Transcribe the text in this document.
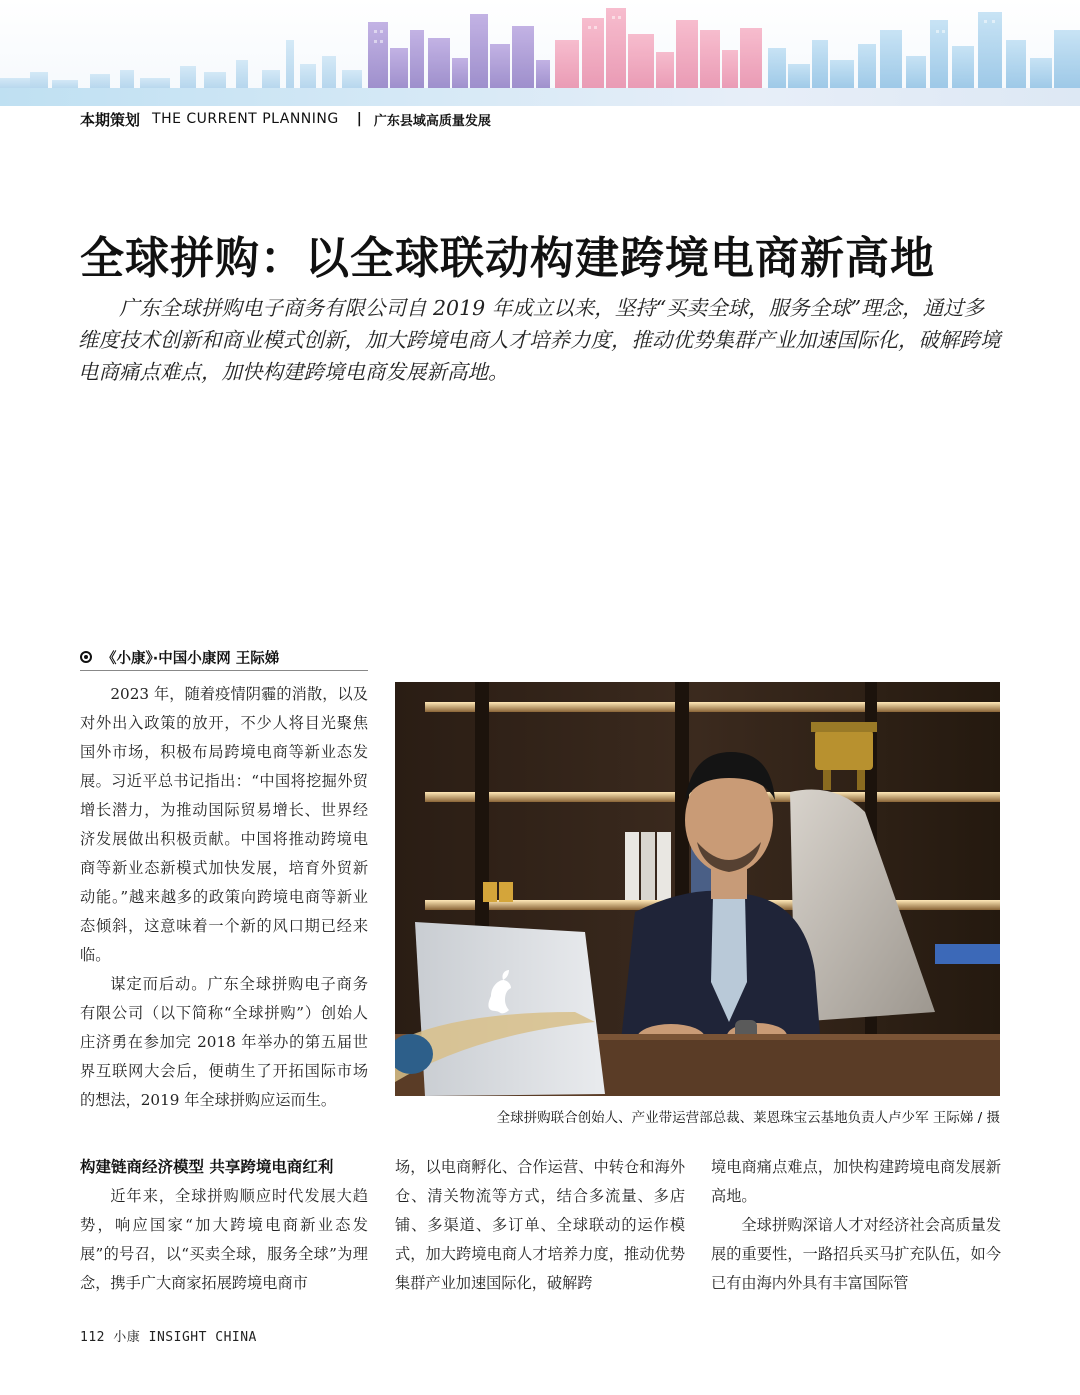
本期策划 THE CURRENT PLANNING | 广东县域高质量发展
全球拼购：以全球联动构建跨境电商新高地

广东全球拼购电子商务有限公司自 2019 年成立以来，坚持“买卖全球，服务全球”理念，通过多维度技术创新和商业模式创新，加大跨境电商人才培养力度，推动优势集群产业加速国际化，破解跨境电商痛点难点，加快构建跨境电商发展新高地。

《小康》·中国小康网 王际娣

2023 年，随着疫情阴霾的消散，以及对外出入政策的放开，不少人将目光聚焦国外市场，积极布局跨境电商等新业态发展。习近平总书记指出：“中国将挖掘外贸增长潜力，为推动国际贸易增长、世界经济发展做出积极贡献。中国将推动跨境电商等新业态新模式加快发展，培育外贸新动能。”越来越多的政策向跨境电商等新业态倾斜，这意味着一个新的风口期已经来临。

谋定而后动。广东全球拼购电子商务有限公司（以下简称“全球拼购”）创始人庄济勇在参加完 2018 年举办的第五届世界互联网大会后，便萌生了开拓国际市场的想法，2019 年全球拼购应运而生。

全球拼购联合创始人、产业带运营部总裁、莱恩珠宝云基地负责人卢少军 王际娣 / 摄
构建链商经济模型 共享跨境电商红利

近年来，全球拼购顺应时代发展大趋势，响应国家“加大跨境电商新业态发展”的号召，以“买卖全球，服务全球”为理念，携手广大商家拓展跨境电商市

场，以电商孵化、合作运营、中转仓和海外仓、清关物流等方式，结合多流量、多店铺、多渠道、多订单、全球联动的运作模式，加大跨境电商人才培养力度，推动优势集群产业加速国际化，破解跨

境电商痛点难点，加快构建跨境电商发展新高地。

全球拼购深谙人才对经济社会高质量发展的重要性，一路招兵买马扩充队伍，如今已有由海内外具有丰富国际管

112 小康 INSIGHT CHINA
